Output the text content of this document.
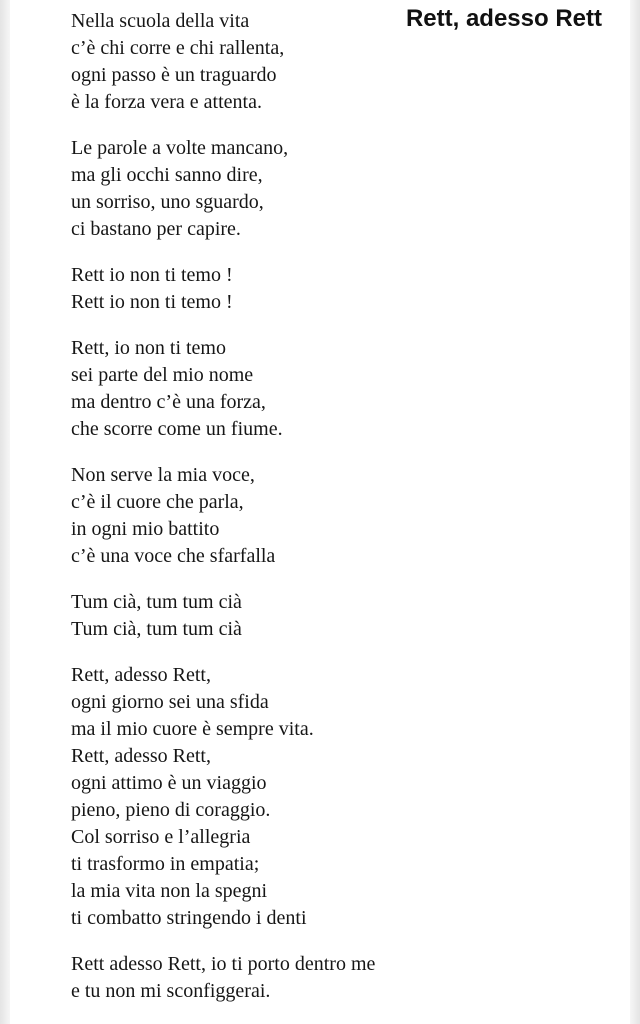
Rett, adesso Rett
Nella scuola della vita
c’è chi corre e chi rallenta,
ogni passo è un traguardo
è la forza vera e attenta.
Le parole a volte mancano,
ma gli occhi sanno dire,
un sorriso, uno sguardo,
ci bastano per capire.
Rett io non ti temo !
Rett io non ti temo !
Rett, io non ti temo
sei parte del mio nome
ma dentro c’è una forza,
che scorre come un fiume.
Non serve la mia voce,
c’è il cuore che parla,
in ogni mio battito
c’è una voce che sfarfalla
Tum cià, tum tum cià
Tum cià, tum tum cià
Rett, adesso Rett,
ogni giorno sei una sfida
ma il mio cuore è sempre vita.
Rett, adesso Rett,
ogni attimo è un viaggio
pieno, pieno di coraggio.
Col sorriso e l’allegria
ti trasformo in empatia;
la mia vita non la spegni
ti combatto stringendo i denti
Rett adesso Rett, io ti porto dentro me
e tu non mi sconfiggerai.
